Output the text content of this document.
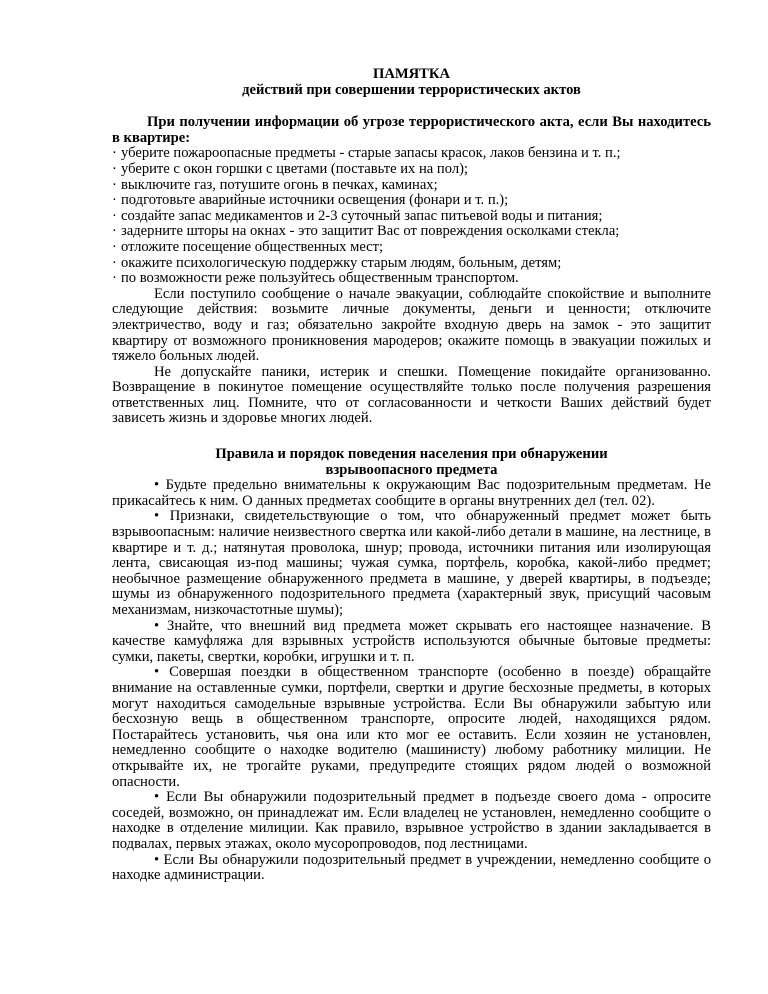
ПАМЯТКА

действий при совершении террористических актов

При получении информации об угрозе террористического акта, если Вы находитесь в квартире:

· уберите пожароопасные предметы - старые запасы красок, лаков бензина и т. п.;
· уберите с окон горшки с цветами (поставьте их на пол);
· выключите газ, потушите огонь в печках, каминах;
· подготовьте аварийные источники освещения (фонари и т. п.);
· создайте запас медикаментов и 2-3 суточный запас питьевой воды и питания;
· задерните шторы на окнах - это защитит Вас от повреждения осколками стекла;
· отложите посещение общественных мест;
· окажите психологическую поддержку старым людям, больным, детям;
· по возможности реже пользуйтесь общественным транспортом.

Если поступило сообщение о начале эвакуации, соблюдайте спокойствие и выполните следующие действия: возьмите личные документы, деньги и ценности; отключите электричество, воду и газ; обязательно закройте входную дверь на замок - это защитит квартиру от возможного проникновения мародеров; окажите помощь в эвакуации пожилых и тяжело больных людей.

Не допускайте паники, истерик и спешки. Помещение покидайте организованно. Возвращение в покинутое помещение осуществляйте только после получения разрешения ответственных лиц. Помните, что от согласованности и четкости Ваших действий будет зависеть жизнь и здоровье многих людей.

Правила и порядок поведения населения при обнаружении

взрывоопасного предмета

• Будьте предельно внимательны к окружающим Вас подозрительным предметам. Не прикасайтесь к ним. О данных предметах сообщите в органы внутренних дел (тел. 02).

• Признаки, свидетельствующие о том, что обнаруженный предмет может быть взрывоопасным: наличие неизвестного свертка или какой-либо детали в машине, на лестнице, в квартире и т. д.; натянутая проволока, шнур; провода, источники питания или изолирующая лента, свисающая из-под машины; чужая сумка, портфель, коробка, какой-либо предмет; необычное размещение обнаруженного предмета в машине, у дверей квартиры, в подъезде; шумы из обнаруженного подозрительного предмета (характерный звук, присущий часовым механизмам, низкочастотные шумы);

• Знайте, что внешний вид предмета может скрывать его настоящее назначение. В качестве камуфляжа для взрывных устройств используются обычные бытовые предметы: сумки, пакеты, свертки, коробки, игрушки и т. п.

• Совершая поездки в общественном транспорте (особенно в поезде) обращайте внимание на оставленные сумки, портфели, свертки и другие бесхозные предметы, в которых могут находиться самодельные взрывные устройства. Если Вы обнаружили забытую или бесхозную вещь в общественном транспорте, опросите людей, находящихся рядом. Постарайтесь установить, чья она или кто мог ее оставить. Если хозяин не установлен, немедленно сообщите о находке водителю (машинисту) любому работнику милиции. Не открывайте их, не трогайте руками, предупредите стоящих рядом людей о возможной опасности.

• Если Вы обнаружили подозрительный предмет в подъезде своего дома - опросите соседей, возможно, он принадлежат им. Если владелец не установлен, немедленно сообщите о находке в отделение милиции. Как правило, взрывное устройство в здании закладывается в подвалах, первых этажах, около мусоропроводов, под лестницами.

• Если Вы обнаружили подозрительный предмет в учреждении, немедленно сообщите о находке администрации.
